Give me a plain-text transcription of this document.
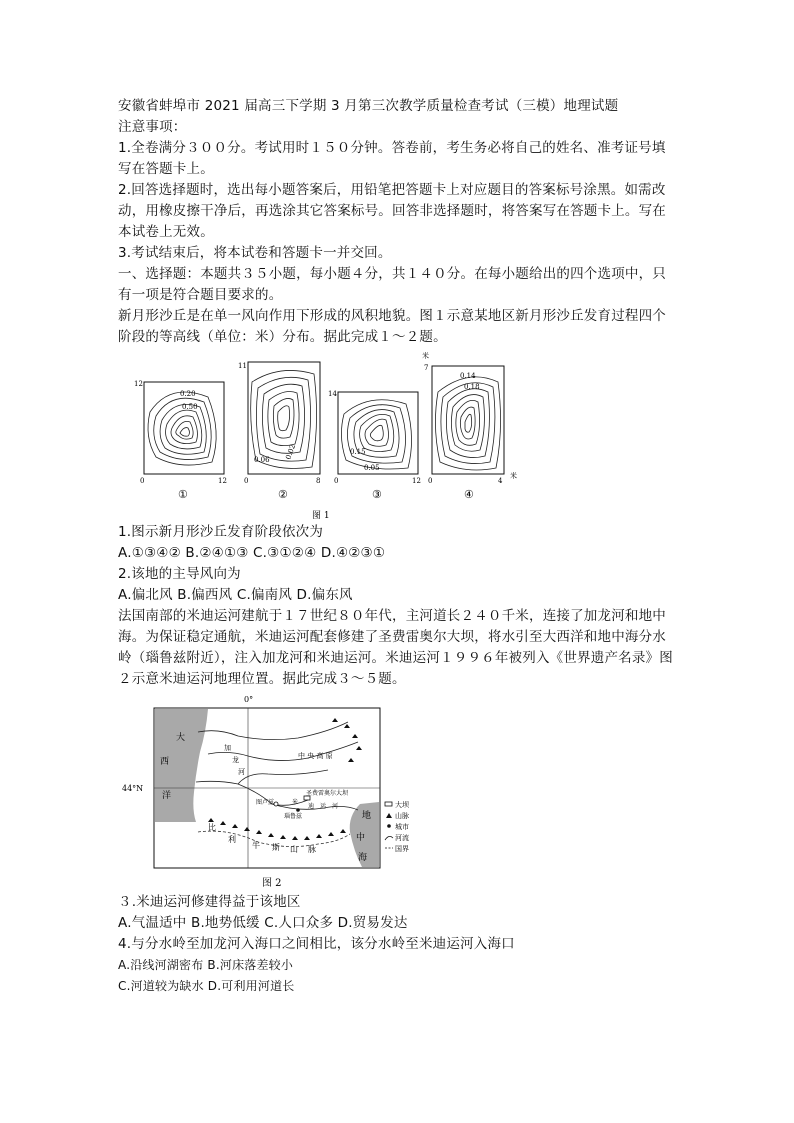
安徽省蚌埠市 2021 届高三下学期 3 月第三次教学质量检查考试（三模）地理试题
注意事项：
1.全卷满分３００分。考试用时１５０分钟。答卷前，考生务必将自己的姓名、准考证号填写在答题卡上。
2.回答选择题时，选出每小题答案后，用铅笔把答题卡上对应题目的答案标号涂黑。如需改动，用橡皮擦干净后，再选涂其它答案标号。回答非选择题时，将答案写在答题卡上。写在本试卷上无效。
3.考试结束后，将本试卷和答题卡一并交回。
一、选择题：本题共３５小题，每小题４分，共１４０分。在每小题给出的四个选项中，只有一项是符合题目要求的。
新月形沙丘是在单一风向作用下形成的风积地貌。图１示意某地区新月形沙丘发育过程四个阶段的等高线（单位：米）分布。据此完成１～２题。
0.20
0.50
12
0	12
①
0.06 0.02
11
0	8
②
0.15
0.05
14
0	12
③
0.14
0.18
米
7
0	4
米
④
图 1
1.图示新月形沙丘发育阶段依次为
A.①③④② B.②④①③ C.③①②④ D.④②③①
2.该地的主导风向为
A.偏北风 B.偏西风 C.偏南风 D.偏东风
法国南部的米迪运河建航于１７世纪８０年代，主河道长２４０千米，连接了加龙河和地中海。为保证稳定通航，米迪运河配套修建了圣费雷奥尔大坝，将水引至大西洋和地中海分水岭（瑙鲁兹附近），注入加龙河和米迪运河。米迪运河１９９６年被列入《世界遗产名录》图２示意米迪运河地理位置。据此完成３～５题。
0°
44°N
大
西
洋
地
中
海
加
龙
河
中 央 高 原
图卢兹
圣费雷奥尔大坝
瑙鲁兹
米
迪 运 河
比
利
牛 斯 山 脉
大坝
山脉
城市
河流
国界
图 2
３.米迪运河修建得益于该地区
A.气温适中 B.地势低缓 C.人口众多 D.贸易发达
4.与分水岭至加龙河入海口之间相比，该分水岭至米迪运河入海口
A.沿线河湖密布 B.河床落差较小
C.河道较为缺水 D.可利用河道长
